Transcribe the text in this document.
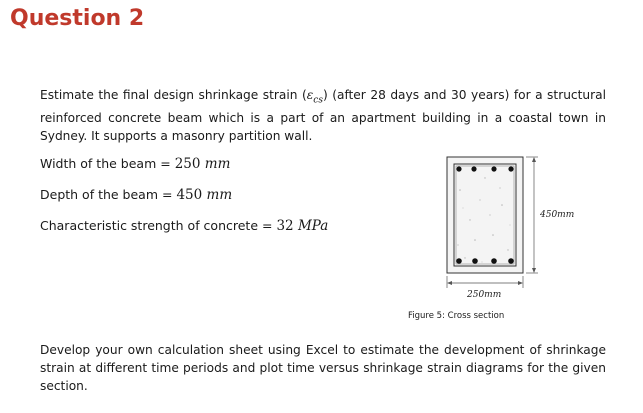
Question 2

Estimate the final design shrinkage strain $(\varepsilon_{cs})$ (after 28 days and 30 years) for a structural reinforced concrete beam which is a part of an apartment building in a coastal town in Sydney. It supports a masonry partition wall.

Width of the beam = 250 mm

Depth of the beam = 450 mm

Characteristic strength of concrete = 32 MPa

450mm
250mm

Figure 5: Cross section

Develop your own calculation sheet using Excel to estimate the development of shrinkage strain at different time periods and plot time versus shrinkage strain diagrams for the given section.
